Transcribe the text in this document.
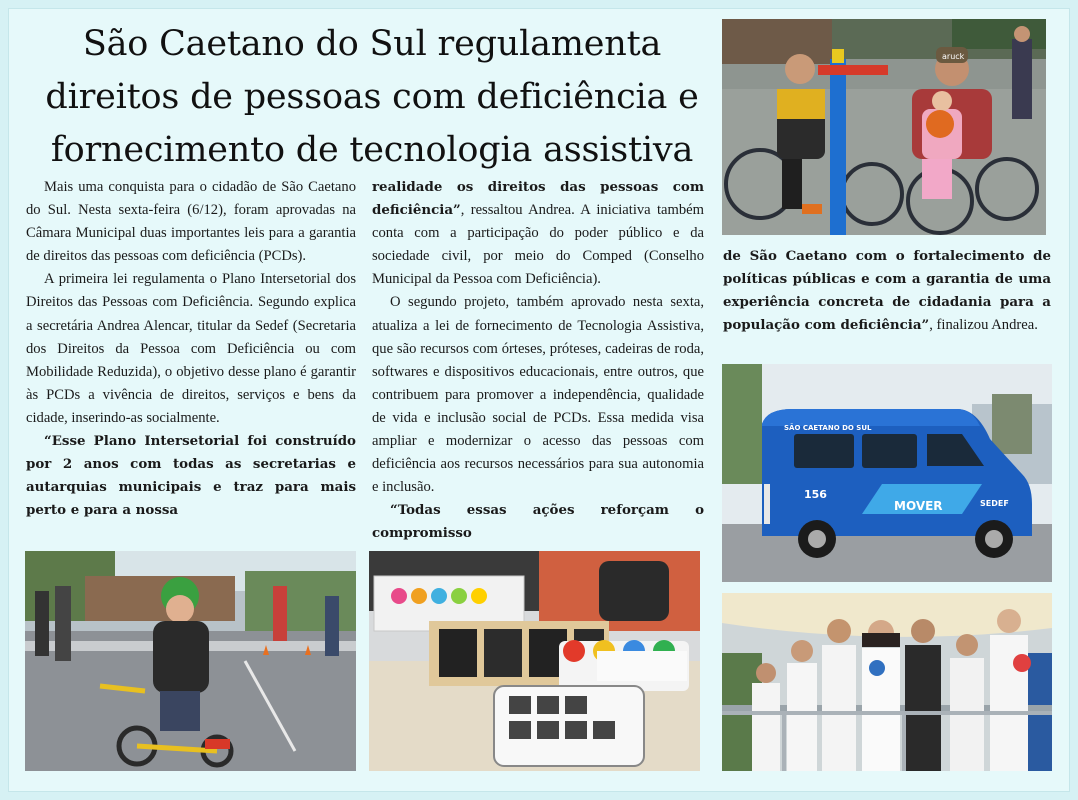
São Caetano do Sul regulamenta direitos de pessoas com deficiência e fornecimento de tecnologia assistiva

Mais uma conquista para o cidadão de São Caetano do Sul. Nesta sexta-feira (6/12), foram aprovadas na Câmara Municipal duas importantes leis para a garantia de direitos das pessoas com deficiência (PCDs).

A primeira lei regulamenta o Plano Intersetorial dos Direitos das Pessoas com Deficiência. Segundo explica a secretária Andrea Alencar, titular da Sedef (Secretaria dos Direitos da Pessoa com Deficiência ou com Mobilidade Reduzida), o objetivo desse plano é garantir às PCDs a vivência de direitos, serviços e bens da cidade, inserindo-as socialmente.

“Esse Plano Intersetorial foi construído por 2 anos com todas as secretarias e autarquias municipais e traz para mais perto e para a nossa

realidade os direitos das pessoas com deficiência”, ressaltou Andrea. A iniciativa também conta com a participação do poder público e da sociedade civil, por meio do Comped (Conselho Municipal da Pessoa com Deficiência).

O segundo projeto, também aprovado nesta sexta, atualiza a lei de fornecimento de Tecnologia Assistiva, que são recursos com órteses, próteses, cadeiras de roda, softwares e dispositivos educacionais, entre outros, que contribuem para promover a independência, qualidade de vida e inclusão social de PCDs. Essa medida visa ampliar e modernizar o acesso das pessoas com deficiência aos recursos necessários para sua autonomia e inclusão.

“Todas essas ações reforçam o compromisso

de São Caetano com o fortalecimento de políticas públicas e com a garantia de uma experiência concreta de cidadania para a população com deficiência”, finalizou Andrea.

aruck
SÃO CAETANO DO SUL
156
MOVER	SEDEF
